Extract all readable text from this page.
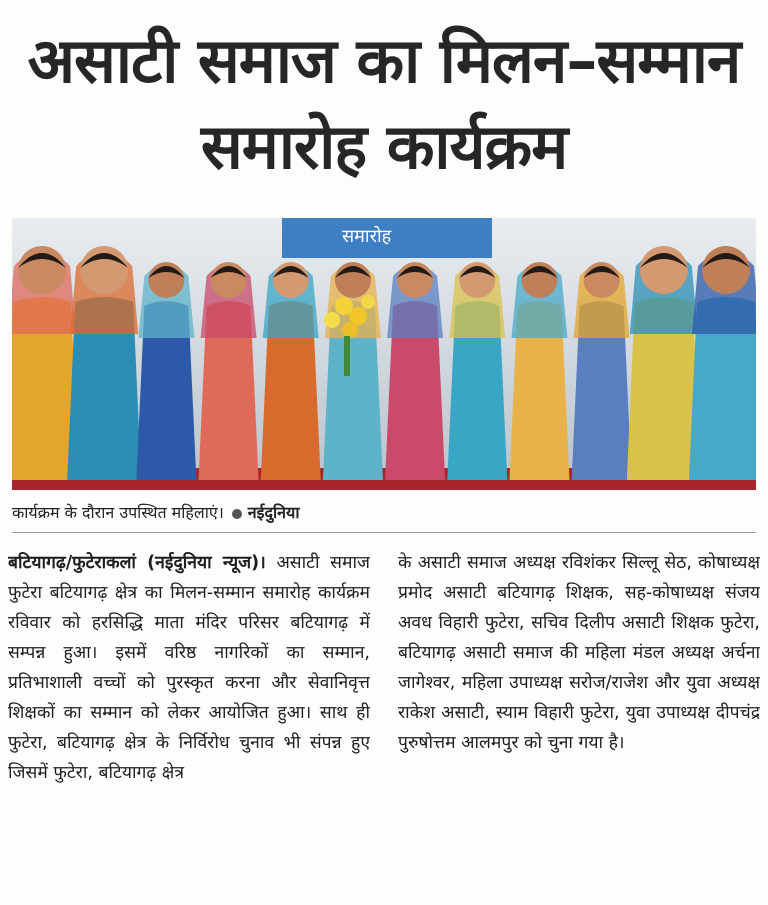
असाटी समाज का मिलन–सम्मान समारोह कार्यक्रम
समारोह
कार्यक्रम के दौरान उपस्थित महिलाएं। नईदुनिया

बटियागढ़/फुटेराकलां (नईदुनिया न्यूज)। असाटी समाज फुटेरा बटियागढ़ क्षेत्र का मिलन-सम्मान समारोह कार्यक्रम रविवार को हरसिद्धि माता मंदिर परिसर बटियागढ़ में सम्पन्न हुआ। इसमें वरिष्ठ नागरिकों का सम्मान, प्रतिभाशाली वच्चों को पुरस्कृत करना और सेवानिवृत्त शिक्षकों का सम्मान को लेकर आयोजित हुआ। साथ ही फुटेरा, बटियागढ़ क्षेत्र के निर्विरोध चुनाव भी संपन्न हुए जिसमें फुटेरा, बटियागढ़ क्षेत्र

के असाटी समाज अध्यक्ष रविशंकर सिल्लू सेठ, कोषाध्यक्ष प्रमोद असाटी बटियागढ़ शिक्षक, सह-कोषाध्यक्ष संजय अवध विहारी फुटेरा, सचिव दिलीप असाटी शिक्षक फुटेरा, बटियागढ़ असाटी समाज की महिला मंडल अध्यक्ष अर्चना जागेश्वर, महिला उपाध्यक्ष सरोज/राजेश और युवा अध्यक्ष राकेश असाटी, स्याम विहारी फुटेरा, युवा उपाध्यक्ष दीपचंद्र पुरुषोत्तम आलमपुर को चुना गया है।
